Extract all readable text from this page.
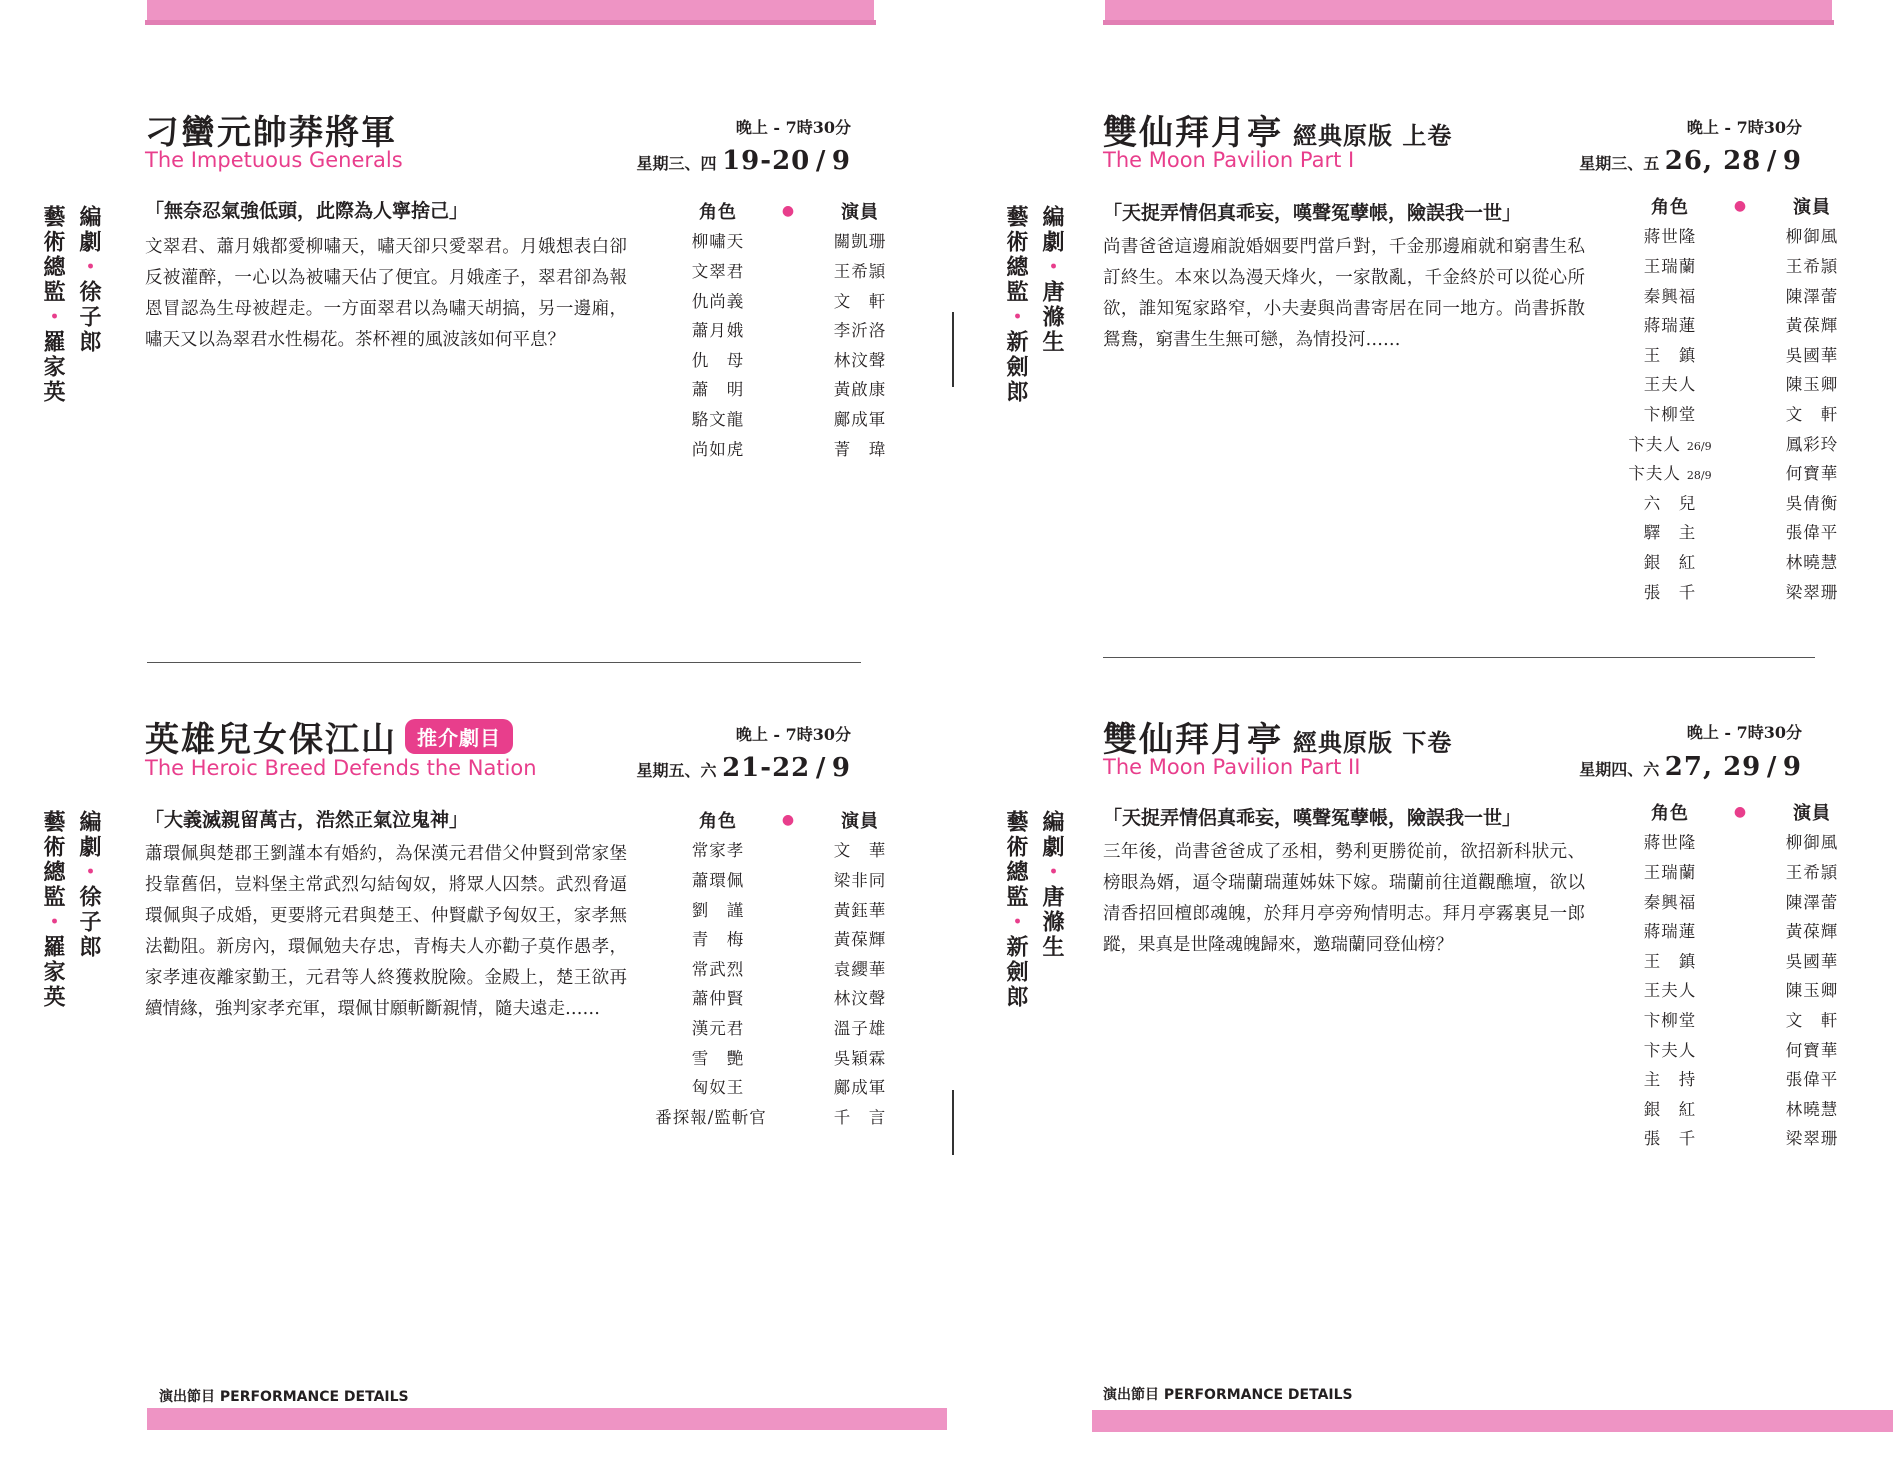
刁蠻元帥莽將軍
The Impetuous Generals
晚上 - 7時30分
星期三、四 19-20 / 9
編劇・徐子郎
藝術總監・羅家英
「無奈忍氣強低頭，此際為人寧捨己」
文翠君、蕭月娥都愛柳嘯天，嘯天卻只愛翠君。月娥想表白卻反被灌醉，一心以為被嘯天佔了便宜。月娥產子，翠君卻為報恩冒認為生母被趕走。一方面翠君以為嘯天胡搞，另一邊廂，嘯天又以為翠君水性楊花。茶杯裡的風波該如何平息？
角色	●	演員
柳嘯天	關凱珊
文翠君	王希頴
仇尚義	文　軒
蕭月娥	李沂洛
仇　母	林汶聲
蕭　明	黃啟康
駱文龍	鄺成軍
尚如虎	菁　瑋
英雄兒女保江山 推介劇目
The Heroic Breed Defends the Nation
晚上 - 7時30分
星期五、六 21-22 / 9
編劇・徐子郎
藝術總監・羅家英
「大義滅親留萬古，浩然正氣泣鬼神」
蕭環佩與楚郡王劉謹本有婚約，為保漢元君借父仲賢到常家堡投靠舊侶，豈料堡主常武烈勾結匈奴，將眾人囚禁。武烈脅逼環佩與子成婚，更要將元君與楚王、仲賢獻予匈奴王，家孝無法勸阻。新房內，環佩勉夫存忠，青梅夫人亦勸子莫作愚孝，家孝連夜離家勤王，元君等人終獲救脫險。金殿上，楚王欲再續情緣，強判家孝充軍，環佩甘願斬斷親情，隨夫遠走……
角色	●	演員
常家孝	文　華
蕭環佩	梁非同
劉　謹	黃鈺華
青　梅	黃葆輝
常武烈	袁纓華
蕭仲賢	林汶聲
漢元君	溫子雄
雪　艷	吳穎霖
匈奴王	鄺成軍
番探報/監斬官	千　言
雙仙拜月亭 經典原版 上卷
The Moon Pavilion Part I
晚上 - 7時30分
星期三、五 26, 28 / 9
編劇・唐滌生
藝術總監・新劍郎
「天捉弄情侶真乖妄，嘆聲冤孽帳，險誤我一世」
尚書爸爸這邊廂說婚姻要門當戶對，千金那邊廂就和窮書生私訂終生。本來以為漫天烽火，一家散亂，千金終於可以從心所欲，誰知冤家路窄，小夫妻與尚書寄居在同一地方。尚書拆散鴛鴦，窮書生生無可戀，為情投河……
角色	●	演員
蔣世隆	柳御風
王瑞蘭	王希頴
秦興福	陳澤蕾
蔣瑞蓮	黃葆輝
王　鎮	吳國華
王夫人	陳玉卿
卞柳堂	文　軒
卞夫人 26/9	鳳彩玲
卞夫人 28/9	何寶華
六　兒	吳倩衡
驛　主	張偉平
銀　紅	林曉慧
張　千	梁翠珊
雙仙拜月亭 經典原版 下卷
The Moon Pavilion Part II
晚上 - 7時30分
星期四、六 27, 29 / 9
編劇・唐滌生
藝術總監・新劍郎
「天捉弄情侶真乖妄，嘆聲冤孽帳，險誤我一世」
三年後，尚書爸爸成了丞相，勢利更勝從前，欲招新科狀元、榜眼為婿，逼令瑞蘭瑞蓮姊妹下嫁。瑞蘭前往道觀醮壇，欲以清香招回檀郎魂魄，於拜月亭旁殉情明志。拜月亭霧裏見一郎蹤，果真是世隆魂魄歸來，邀瑞蘭同登仙榜？
角色	●	演員
蔣世隆	柳御風
王瑞蘭	王希頴
秦興福	陳澤蕾
蔣瑞蓮	黃葆輝
王　鎮	吳國華
王夫人	陳玉卿
卞柳堂	文　軒
卞夫人	何寶華
主　持	張偉平
銀　紅	林曉慧
張　千	梁翠珊
演出節目 PERFORMANCE DETAILS	演出節目 PERFORMANCE DETAILS
